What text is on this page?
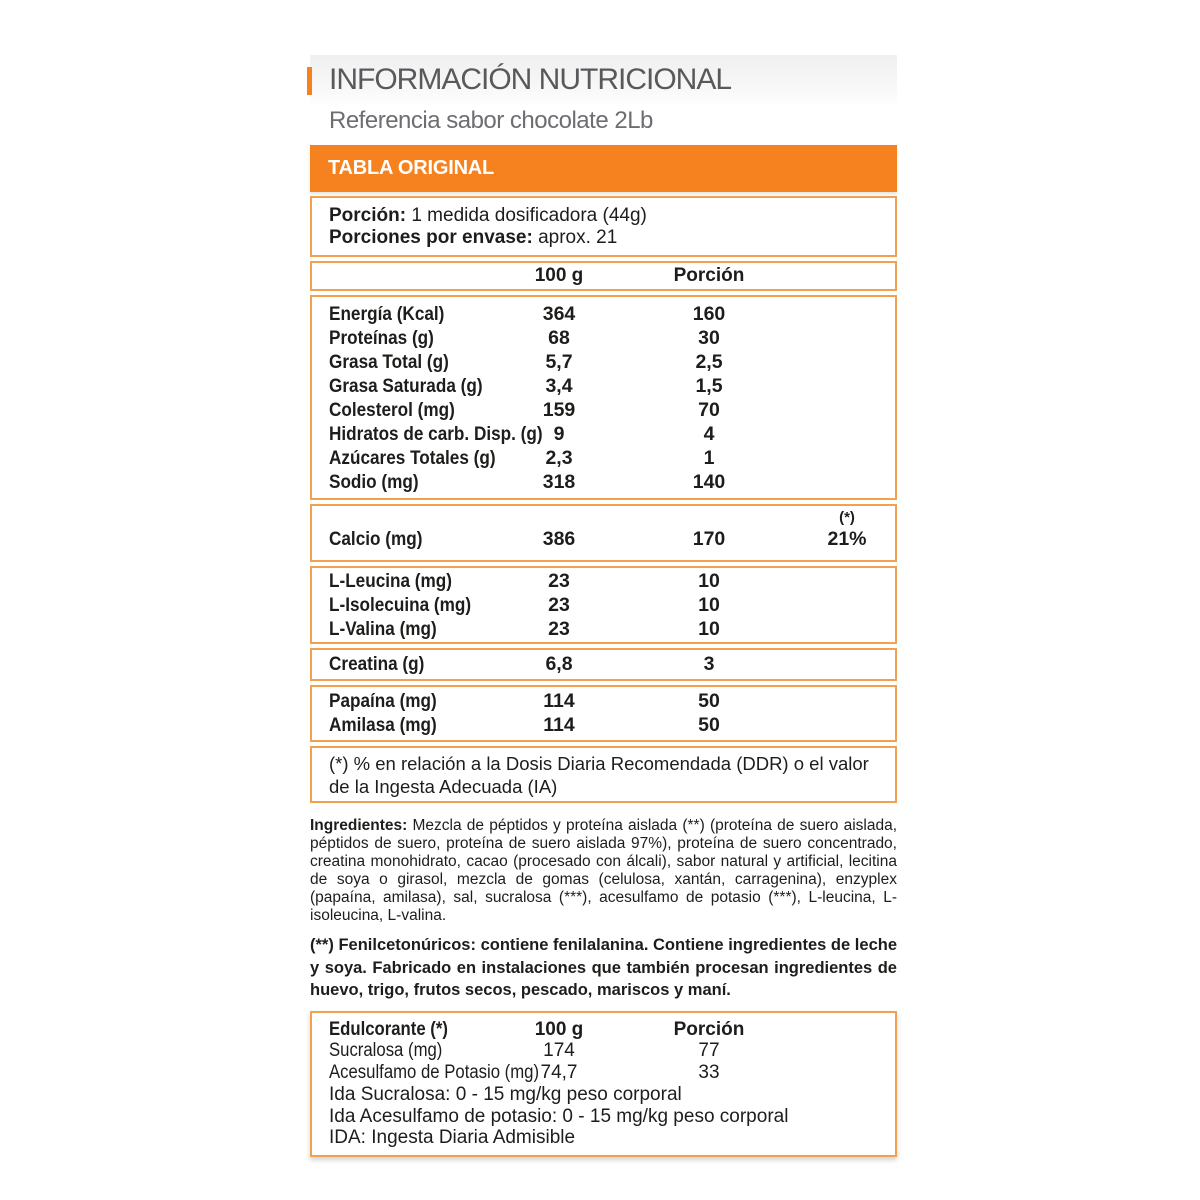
INFORMACIÓN NUTRICIONAL
Referencia sabor chocolate 2Lb
TABLA ORIGINAL
Porción: 1 medida dosificadora (44g)
Porciones por envase: aprox. 21
100 g	Porción
Energía (Kcal)	364	160
Proteínas (g)	68	30
Grasa Total (g)	5,7	2,5
Grasa Saturada (g)	3,4	1,5
Colesterol (mg)	159	70
Hidratos de carb. Disp. (g) 9	4
Azúcares Totales (g)	2,3	1
Sodio (mg)	318	140
(*)
Calcio (mg)	386	170	21%
L-Leucina (mg)	23	10
L-Isolecuina (mg)	23	10
L-Valina (mg)	23	10
Creatina (g)	6,8	3
Papaína (mg)	114	50
Amilasa (mg)	114	50
(*) % en relación a la Dosis Diaria Recomendada (DDR) o el valor de la Ingesta Adecuada (IA)

Ingredientes: Mezcla de péptidos y proteína aislada (**) (proteína de suero aislada, péptidos de suero, proteína de suero aislada 97%), proteína de suero concentrado, creatina monohidrato, cacao (procesado con álcali), sabor natural y artificial, lecitina de soya o girasol, mezcla de gomas (celulosa, xantán, carragenina), enzyplex (papaína, amilasa), sal, sucralosa (***), acesulfamo de potasio (***), L-leucina, L-isoleucina, L-valina.

(**) Fenilcetonúricos: contiene fenilalanina. Contiene ingredientes de leche y soya. Fabricado en instalaciones que también procesan ingredientes de huevo, trigo, frutos secos, pescado, mariscos y maní.

Edulcorante (*)	100 g	Porción
Sucralosa (mg)	174	77
Acesulfamo de Potasio (mg) 74,7	33
Ida Sucralosa: 0 - 15 mg/kg peso corporal
Ida Acesulfamo de potasio: 0 - 15 mg/kg peso corporal
IDA: Ingesta Diaria Admisible
